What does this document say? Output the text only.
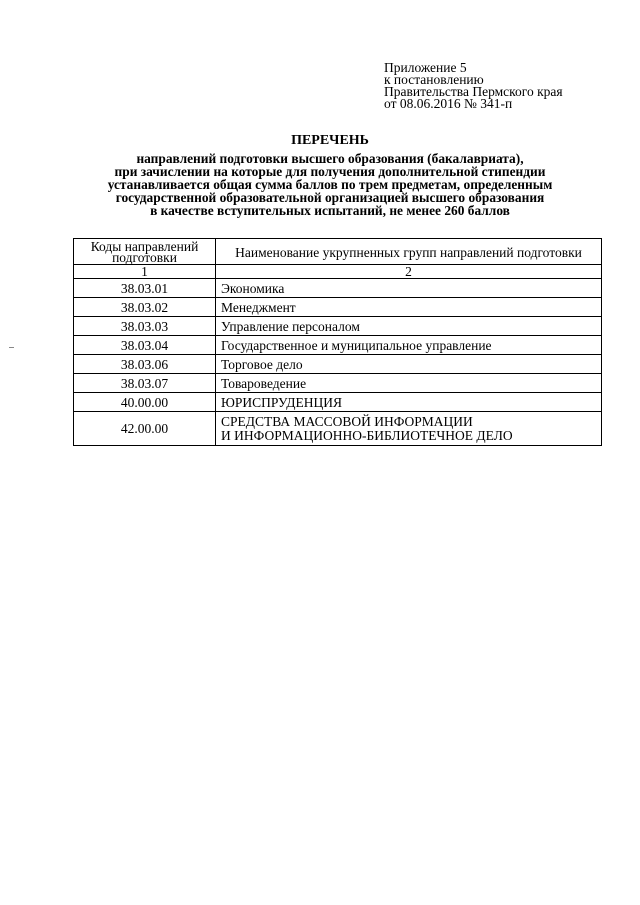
Приложение 5
к постановлению
Правительства Пермского края
от 08.06.2016 № 341-п
ПЕРЕЧЕНЬ
направлений подготовки высшего образования (бакалавриата),
при зачислении на которые для получения дополнительной стипендии
устанавливается общая сумма баллов по трем предметам, определенным
государственной образовательной организацией высшего образования
в качестве вступительных испытаний, не менее 260 баллов
Коды направлений подготовки	Наименование укрупненных групп направлений подготовки
1	2
38.03.01	Экономика
38.03.02	Менеджмент
38.03.03	Управление персоналом
38.03.04	Государственное и муниципальное управление
38.03.06	Торговое дело
38.03.07	Товароведение
40.00.00	ЮРИСПРУДЕНЦИЯ
42.00.00	СРЕДСТВА МАССОВОЙ ИНФОРМАЦИИ
И ИНФОРМАЦИОННО-БИБЛИОТЕЧНОЕ ДЕЛО
